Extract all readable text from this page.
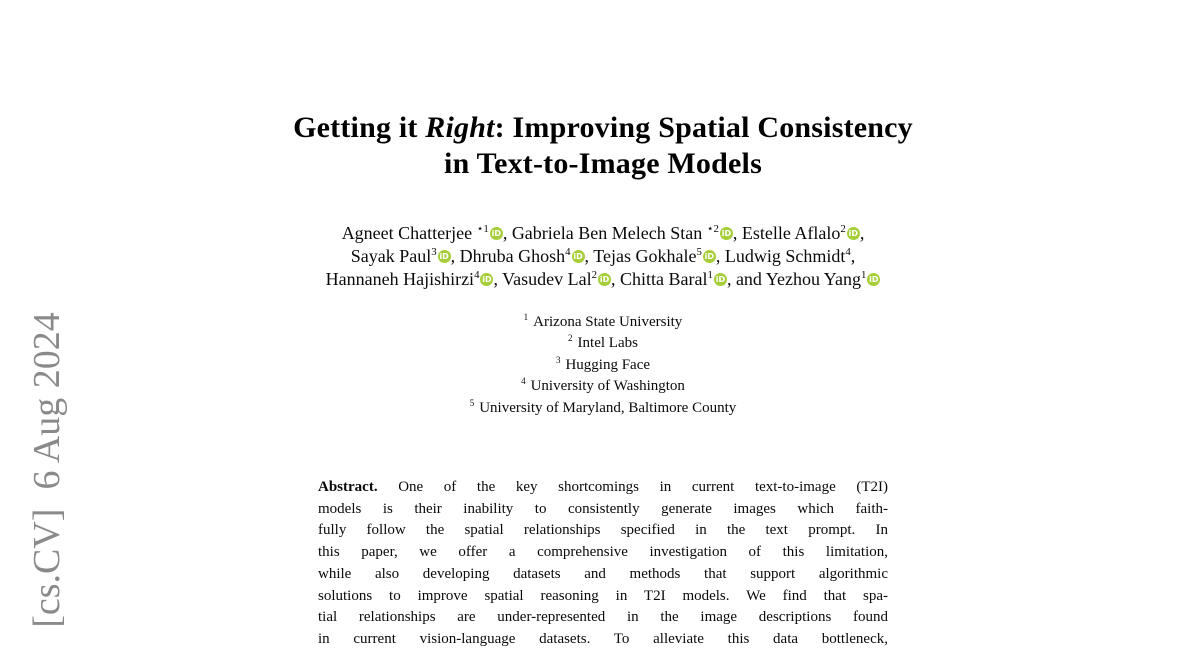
[cs.CV]  6 Aug 2024
Getting it Right: Improving Spatial Consistency
in Text-to-Image Models
Agneet Chatterjee $^{⋆1}$ iD , Gabriela Ben Melech Stan $^{⋆2}$ iD , Estelle Aflalo$^2$ iD ,
Sayak Paul$^3$ iD , Dhruba Ghosh$^4$ iD , Tejas Gokhale$^5$ iD , Ludwig Schmidt$^4$,
Hannaneh Hajishirzi$^4$ iD , Vasudev Lal$^2$ iD , Chitta Baral$^1$ iD , and Yezhou Yang$^1$ iD
$^1$ Arizona State University
$^2$ Intel Labs
$^3$ Hugging Face
$^4$ University of Washington
$^5$ University of Maryland, Baltimore County
Abstract. One of the key shortcomings in current text-to-image (T2I)
models is their inability to consistently generate images which faith-
fully follow the spatial relationships specified in the text prompt. In
this paper, we offer a comprehensive investigation of this limitation,
while also developing datasets and methods that support algorithmic
solutions to improve spatial reasoning in T2I models. We find that spa-
tial relationships are under-represented in the image descriptions found
in current vision-language datasets. To alleviate this data bottleneck,
